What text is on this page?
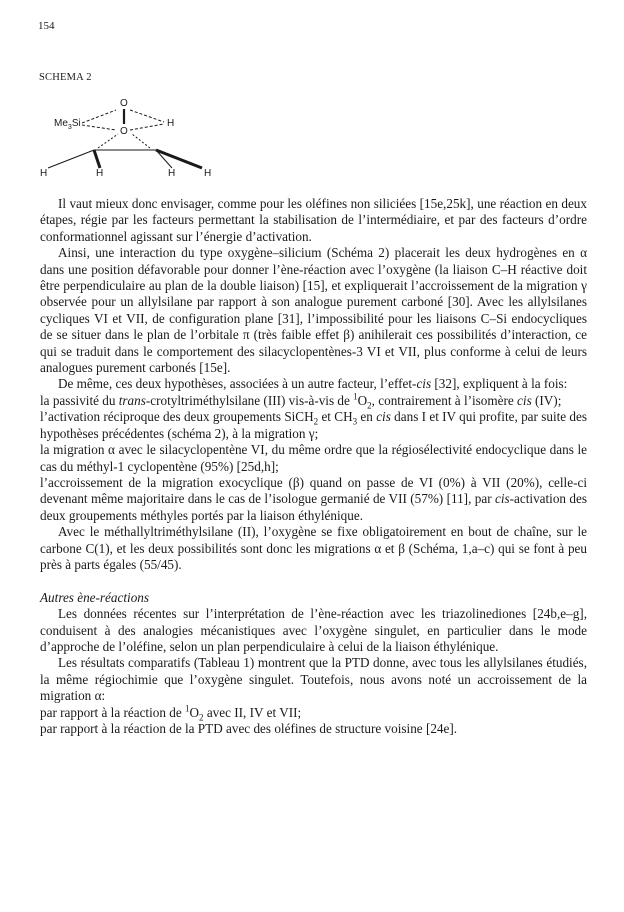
154
SCHEMA 2
$Me_3Si$
O
O
H
H	H	H	H

Il vaut mieux donc envisager, comme pour les oléfines non siliciées [15e,25k], une réaction en deux étapes, régie par les facteurs permettant la stabilisation de l’intermédiaire, et par des facteurs d’ordre conformationnel agissant sur l’énergie d’activation.

Ainsi, une interaction du type oxygène–silicium (Schéma 2) placerait les deux hydrogènes en α dans une position défavorable pour donner l’ène-réaction avec l’oxygène (la liaison C–H réactive doit être perpendiculaire au plan de la double liaison) [15], et expliquerait l’accroissement de la migration γ observée pour un allylsilane par rapport à son analogue purement carboné [30]. Avec les allylsilanes cycliques VI et VII, de configuration plane [31], l’impossibilité pour les liaisons C–Si endocycliques de se situer dans le plan de l’orbitale π (très faible effet β) anihilerait ces possibilités d’interaction, ce qui se traduit dans le comportement des silacyclopentènes-3 VI et VII, plus conforme à celui de leurs analogues purement carbonés [15e].

De même, ces deux hypothèses, associées à un autre facteur, l’effet-cis [32], expliquent à la fois:

la passivité du trans-crotyltriméthylsilane (III) vis-à-vis de $^1O_2$, contrairement à l’isomère cis (IV);

l’activation réciproque des deux groupements SiCH$_2$ et $CH_3$ en cis dans I et IV qui profite, par suite des hypothèses précédentes (schéma 2), à la migration γ;

la migration α avec le silacyclopentène VI, du même ordre que la régiosélectivité endocyclique dans le cas du méthyl-1 cyclopentène (95%) [25d,h];

l’accroissement de la migration exocyclique (β) quand on passe de VI (0%) à VII (20%), celle-ci devenant même majoritaire dans le cas de l’isologue germanié de VII (57%) [11], par cis-activation des deux groupements méthyles portés par la liaison éthylénique.

Avec le méthallyltriméthylsilane (II), l’oxygène se fixe obligatoirement en bout de chaîne, sur le carbone C(1), et les deux possibilités sont donc les migrations α et β (Schéma, 1,a–c) qui se font à peu près à parts égales (55/45).

Autres ène-réactions

Les données récentes sur l’interprétation de l’ène-réaction avec les triazolinediones [24b,e–g], conduisent à des analogies mécanistiques avec l’oxygène singulet, en particulier dans le mode d’approche de l’oléfine, selon un plan perpendiculaire à celui de la liaison éthylénique.

Les résultats comparatifs (Tableau 1) montrent que la PTD donne, avec tous les allylsilanes étudiés, la même régiochimie que l’oxygène singulet. Toutefois, nous avons noté un accroissement de la migration α:

par rapport à la réaction de $^1O_2$ avec II, IV et VII;

par rapport à la réaction de la PTD avec des oléfines de structure voisine [24e].
